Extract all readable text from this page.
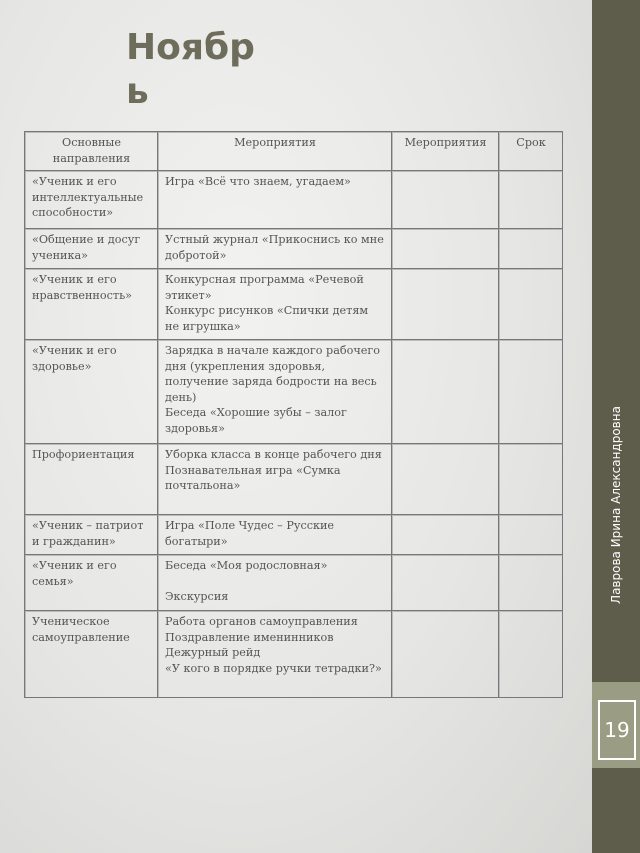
19
Лаврова Ирина Александровна
Ноябрь
Основные направления	Мероприятия	Мероприятия	Срок
«Ученик и его интеллектуальные способности»	Игра «Всё что знаем, угадаем»		

«Общение и досуг ученика»	Устный журнал «Прикоснись ко мне добротой»		

«Ученик и его нравственность»	Конкурсная программа «Речевой этикет»
Конкурс рисунков «Спички детям не игрушка»		

«Ученик и его здоровье»	Зарядка в начале каждого рабочего дня (укрепления здоровья, получение заряда бодрости на весь день)
Беседа «Хорошие зубы – залог здоровья»		

Профориентация	Уборка класса в конце рабочего дня
Познавательная игра «Сумка почтальона»		

«Ученик – патриот и гражданин»	Игра «Поле Чудес – Русские богатыри»		

«Ученик и его семья»	Беседа «Моя родословная»
Экскурсия		

Ученическое самоуправление	Работа органов самоуправления
Поздравление именинников
Дежурный рейд
«У кого в порядке ручки тетрадки?»		
